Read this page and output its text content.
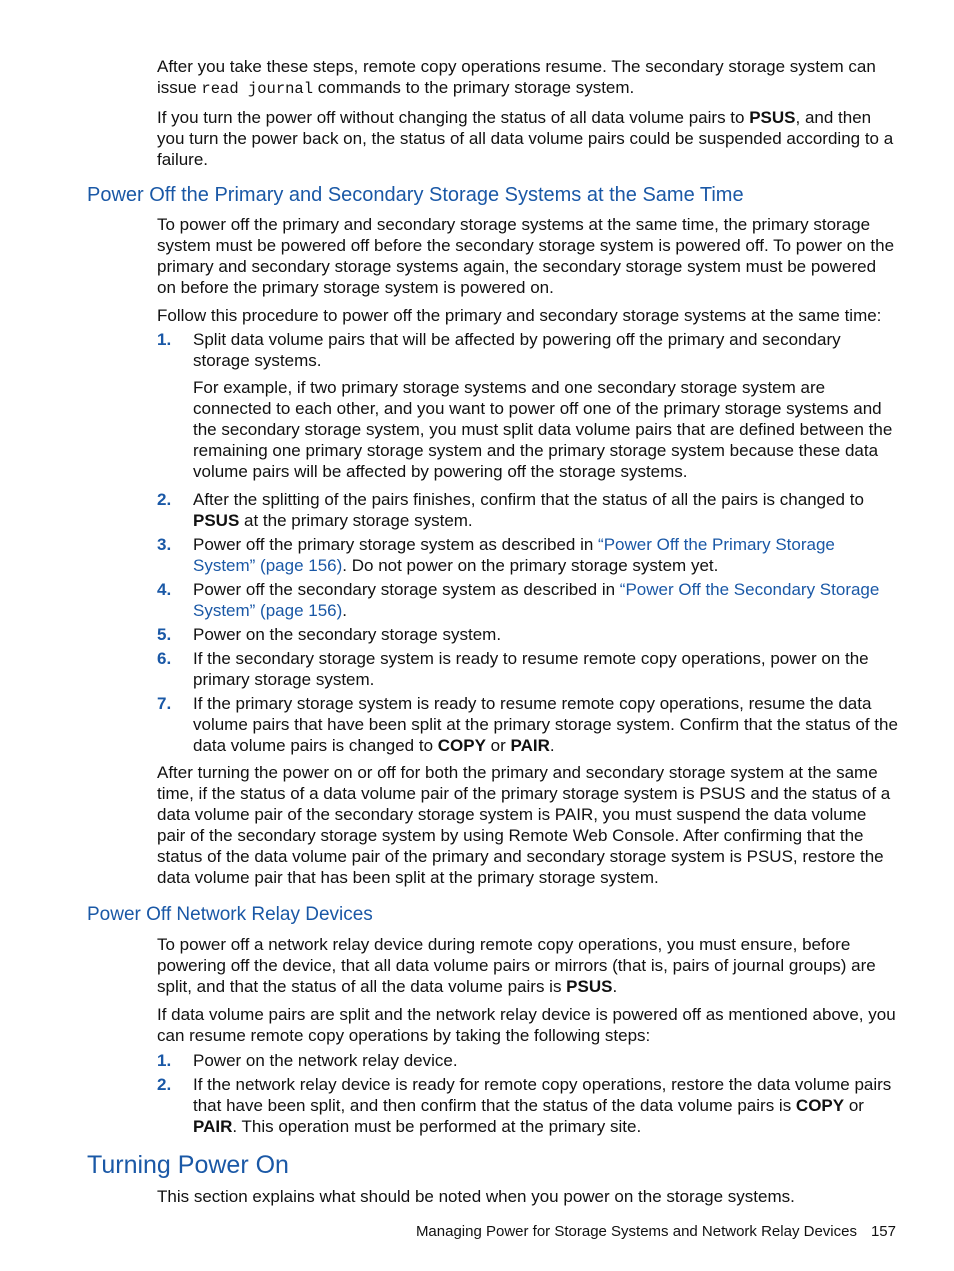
After you take these steps, remote copy operations resume. The secondary storage system can issue read journal commands to the primary storage system.

If you turn the power off without changing the status of all data volume pairs to PSUS, and then you turn the power back on, the status of all data volume pairs could be suspended according to a failure.

Power Off the Primary and Secondary Storage Systems at the Same Time

To power off the primary and secondary storage systems at the same time, the primary storage system must be powered off before the secondary storage system is powered off. To power on the primary and secondary storage systems again, the secondary storage system must be powered on before the primary storage system is powered on.

Follow this procedure to power off the primary and secondary storage systems at the same time:

1. Split data volume pairs that will be affected by powering off the primary and secondary storage systems.

For example, if two primary storage systems and one secondary storage system are connected to each other, and you want to power off one of the primary storage systems and the secondary storage system, you must split data volume pairs that are defined between the remaining one primary storage system and the primary storage system because these data volume pairs will be affected by powering off the storage systems.

2. After the splitting of the pairs finishes, confirm that the status of all the pairs is changed to PSUS at the primary storage system.

3. Power off the primary storage system as described in “Power Off the Primary Storage System” (page 156). Do not power on the primary storage system yet.

4. Power off the secondary storage system as described in “Power Off the Secondary Storage System” (page 156).

5. Power on the secondary storage system.

6. If the secondary storage system is ready to resume remote copy operations, power on the primary storage system.

7. If the primary storage system is ready to resume remote copy operations, resume the data volume pairs that have been split at the primary storage system. Confirm that the status of the data volume pairs is changed to COPY or PAIR.

After turning the power on or off for both the primary and secondary storage system at the same time, if the status of a data volume pair of the primary storage system is PSUS and the status of a data volume pair of the secondary storage system is PAIR, you must suspend the data volume pair of the secondary storage system by using Remote Web Console. After confirming that the status of the data volume pair of the primary and secondary storage system is PSUS, restore the data volume pair that has been split at the primary storage system.

Power Off Network Relay Devices

To power off a network relay device during remote copy operations, you must ensure, before powering off the device, that all data volume pairs or mirrors (that is, pairs of journal groups) are split, and that the status of all the data volume pairs is PSUS.

If data volume pairs are split and the network relay device is powered off as mentioned above, you can resume remote copy operations by taking the following steps:

1. Power on the network relay device.

2. If the network relay device is ready for remote copy operations, restore the data volume pairs that have been split, and then confirm that the status of the data volume pairs is COPY or PAIR. This operation must be performed at the primary site.

Turning Power On

This section explains what should be noted when you power on the storage systems.

Managing Power for Storage Systems and Network Relay Devices 157
